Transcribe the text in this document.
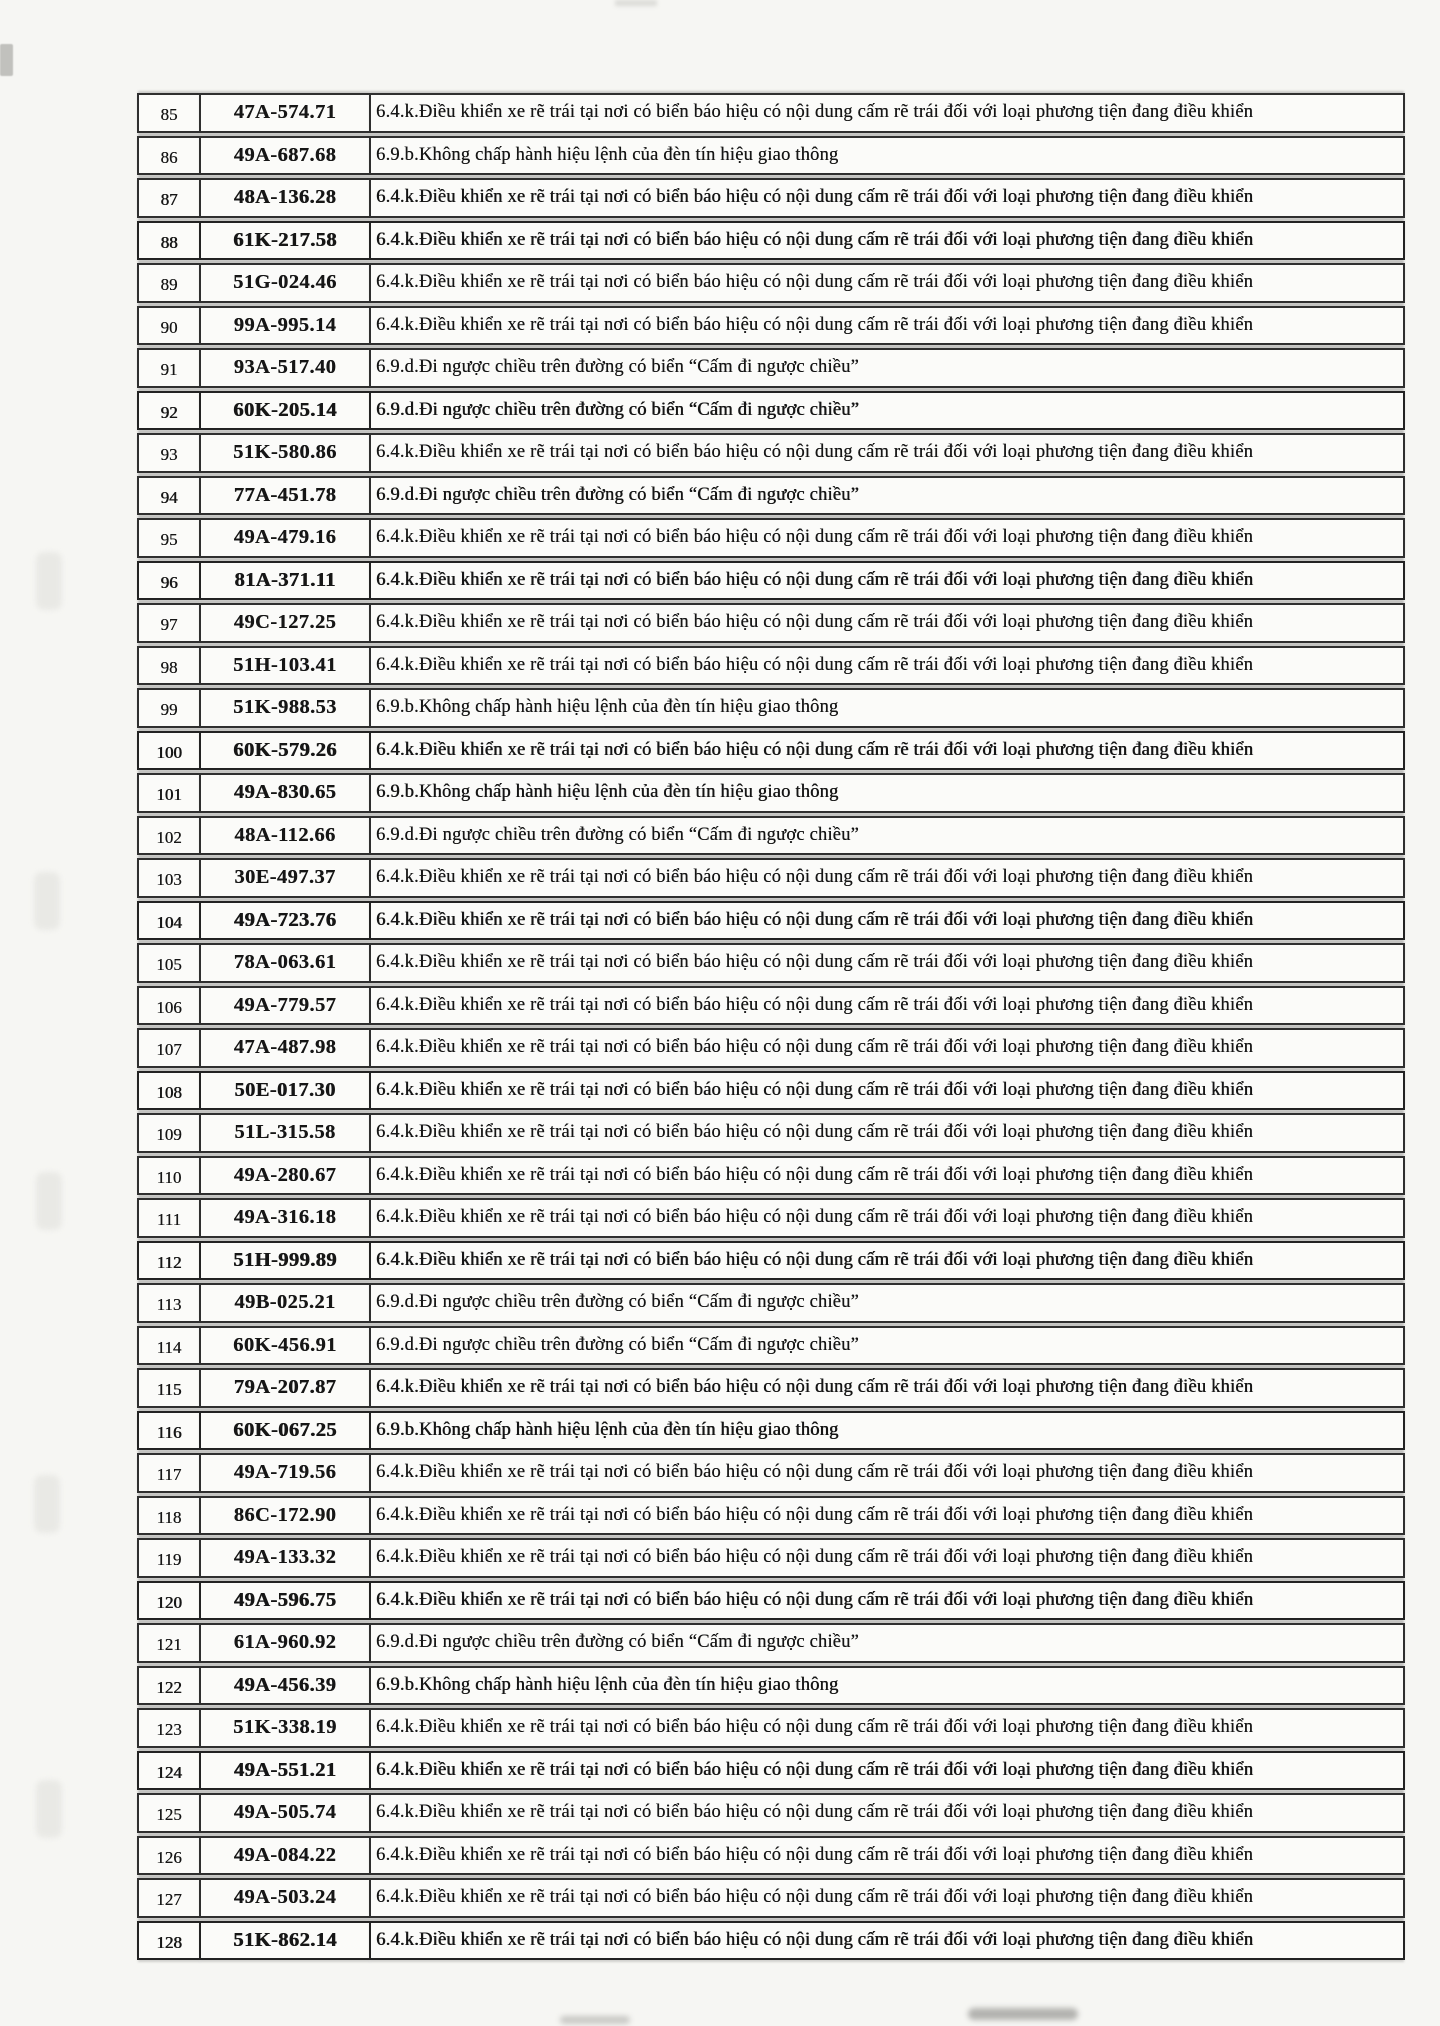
85	47A-574.71	6.4.k.Điều khiển xe rẽ trái tại nơi có biển báo hiệu có nội dung cấm rẽ trái đối với loại phương tiện đang điều khiển
86	49A-687.68	6.9.b.Không chấp hành hiệu lệnh của đèn tín hiệu giao thông
87	48A-136.28	6.4.k.Điều khiển xe rẽ trái tại nơi có biển báo hiệu có nội dung cấm rẽ trái đối với loại phương tiện đang điều khiển
88	61K-217.58	6.4.k.Điều khiển xe rẽ trái tại nơi có biển báo hiệu có nội dung cấm rẽ trái đối với loại phương tiện đang điều khiển
89	51G-024.46	6.4.k.Điều khiển xe rẽ trái tại nơi có biển báo hiệu có nội dung cấm rẽ trái đối với loại phương tiện đang điều khiển
90	99A-995.14	6.4.k.Điều khiển xe rẽ trái tại nơi có biển báo hiệu có nội dung cấm rẽ trái đối với loại phương tiện đang điều khiển
91	93A-517.40	6.9.d.Đi ngược chiều trên đường có biển “Cấm đi ngược chiều”
92	60K-205.14	6.9.d.Đi ngược chiều trên đường có biển “Cấm đi ngược chiều”
93	51K-580.86	6.4.k.Điều khiển xe rẽ trái tại nơi có biển báo hiệu có nội dung cấm rẽ trái đối với loại phương tiện đang điều khiển
94	77A-451.78	6.9.d.Đi ngược chiều trên đường có biển “Cấm đi ngược chiều”
95	49A-479.16	6.4.k.Điều khiển xe rẽ trái tại nơi có biển báo hiệu có nội dung cấm rẽ trái đối với loại phương tiện đang điều khiển
96	81A-371.11	6.4.k.Điều khiển xe rẽ trái tại nơi có biển báo hiệu có nội dung cấm rẽ trái đối với loại phương tiện đang điều khiển
97	49C-127.25	6.4.k.Điều khiển xe rẽ trái tại nơi có biển báo hiệu có nội dung cấm rẽ trái đối với loại phương tiện đang điều khiển
98	51H-103.41	6.4.k.Điều khiển xe rẽ trái tại nơi có biển báo hiệu có nội dung cấm rẽ trái đối với loại phương tiện đang điều khiển
99	51K-988.53	6.9.b.Không chấp hành hiệu lệnh của đèn tín hiệu giao thông
100	60K-579.26	6.4.k.Điều khiển xe rẽ trái tại nơi có biển báo hiệu có nội dung cấm rẽ trái đối với loại phương tiện đang điều khiển
101	49A-830.65	6.9.b.Không chấp hành hiệu lệnh của đèn tín hiệu giao thông
102	48A-112.66	6.9.d.Đi ngược chiều trên đường có biển “Cấm đi ngược chiều”
103	30E-497.37	6.4.k.Điều khiển xe rẽ trái tại nơi có biển báo hiệu có nội dung cấm rẽ trái đối với loại phương tiện đang điều khiển
104	49A-723.76	6.4.k.Điều khiển xe rẽ trái tại nơi có biển báo hiệu có nội dung cấm rẽ trái đối với loại phương tiện đang điều khiển
105	78A-063.61	6.4.k.Điều khiển xe rẽ trái tại nơi có biển báo hiệu có nội dung cấm rẽ trái đối với loại phương tiện đang điều khiển
106	49A-779.57	6.4.k.Điều khiển xe rẽ trái tại nơi có biển báo hiệu có nội dung cấm rẽ trái đối với loại phương tiện đang điều khiển
107	47A-487.98	6.4.k.Điều khiển xe rẽ trái tại nơi có biển báo hiệu có nội dung cấm rẽ trái đối với loại phương tiện đang điều khiển
108	50E-017.30	6.4.k.Điều khiển xe rẽ trái tại nơi có biển báo hiệu có nội dung cấm rẽ trái đối với loại phương tiện đang điều khiển
109	51L-315.58	6.4.k.Điều khiển xe rẽ trái tại nơi có biển báo hiệu có nội dung cấm rẽ trái đối với loại phương tiện đang điều khiển
110	49A-280.67	6.4.k.Điều khiển xe rẽ trái tại nơi có biển báo hiệu có nội dung cấm rẽ trái đối với loại phương tiện đang điều khiển
111	49A-316.18	6.4.k.Điều khiển xe rẽ trái tại nơi có biển báo hiệu có nội dung cấm rẽ trái đối với loại phương tiện đang điều khiển
112	51H-999.89	6.4.k.Điều khiển xe rẽ trái tại nơi có biển báo hiệu có nội dung cấm rẽ trái đối với loại phương tiện đang điều khiển
113	49B-025.21	6.9.d.Đi ngược chiều trên đường có biển “Cấm đi ngược chiều”
114	60K-456.91	6.9.d.Đi ngược chiều trên đường có biển “Cấm đi ngược chiều”
115	79A-207.87	6.4.k.Điều khiển xe rẽ trái tại nơi có biển báo hiệu có nội dung cấm rẽ trái đối với loại phương tiện đang điều khiển
116	60K-067.25	6.9.b.Không chấp hành hiệu lệnh của đèn tín hiệu giao thông
117	49A-719.56	6.4.k.Điều khiển xe rẽ trái tại nơi có biển báo hiệu có nội dung cấm rẽ trái đối với loại phương tiện đang điều khiển
118	86C-172.90	6.4.k.Điều khiển xe rẽ trái tại nơi có biển báo hiệu có nội dung cấm rẽ trái đối với loại phương tiện đang điều khiển
119	49A-133.32	6.4.k.Điều khiển xe rẽ trái tại nơi có biển báo hiệu có nội dung cấm rẽ trái đối với loại phương tiện đang điều khiển
120	49A-596.75	6.4.k.Điều khiển xe rẽ trái tại nơi có biển báo hiệu có nội dung cấm rẽ trái đối với loại phương tiện đang điều khiển
121	61A-960.92	6.9.d.Đi ngược chiều trên đường có biển “Cấm đi ngược chiều”
122	49A-456.39	6.9.b.Không chấp hành hiệu lệnh của đèn tín hiệu giao thông
123	51K-338.19	6.4.k.Điều khiển xe rẽ trái tại nơi có biển báo hiệu có nội dung cấm rẽ trái đối với loại phương tiện đang điều khiển
124	49A-551.21	6.4.k.Điều khiển xe rẽ trái tại nơi có biển báo hiệu có nội dung cấm rẽ trái đối với loại phương tiện đang điều khiển
125	49A-505.74	6.4.k.Điều khiển xe rẽ trái tại nơi có biển báo hiệu có nội dung cấm rẽ trái đối với loại phương tiện đang điều khiển
126	49A-084.22	6.4.k.Điều khiển xe rẽ trái tại nơi có biển báo hiệu có nội dung cấm rẽ trái đối với loại phương tiện đang điều khiển
127	49A-503.24	6.4.k.Điều khiển xe rẽ trái tại nơi có biển báo hiệu có nội dung cấm rẽ trái đối với loại phương tiện đang điều khiển
128	51K-862.14	6.4.k.Điều khiển xe rẽ trái tại nơi có biển báo hiệu có nội dung cấm rẽ trái đối với loại phương tiện đang điều khiển
